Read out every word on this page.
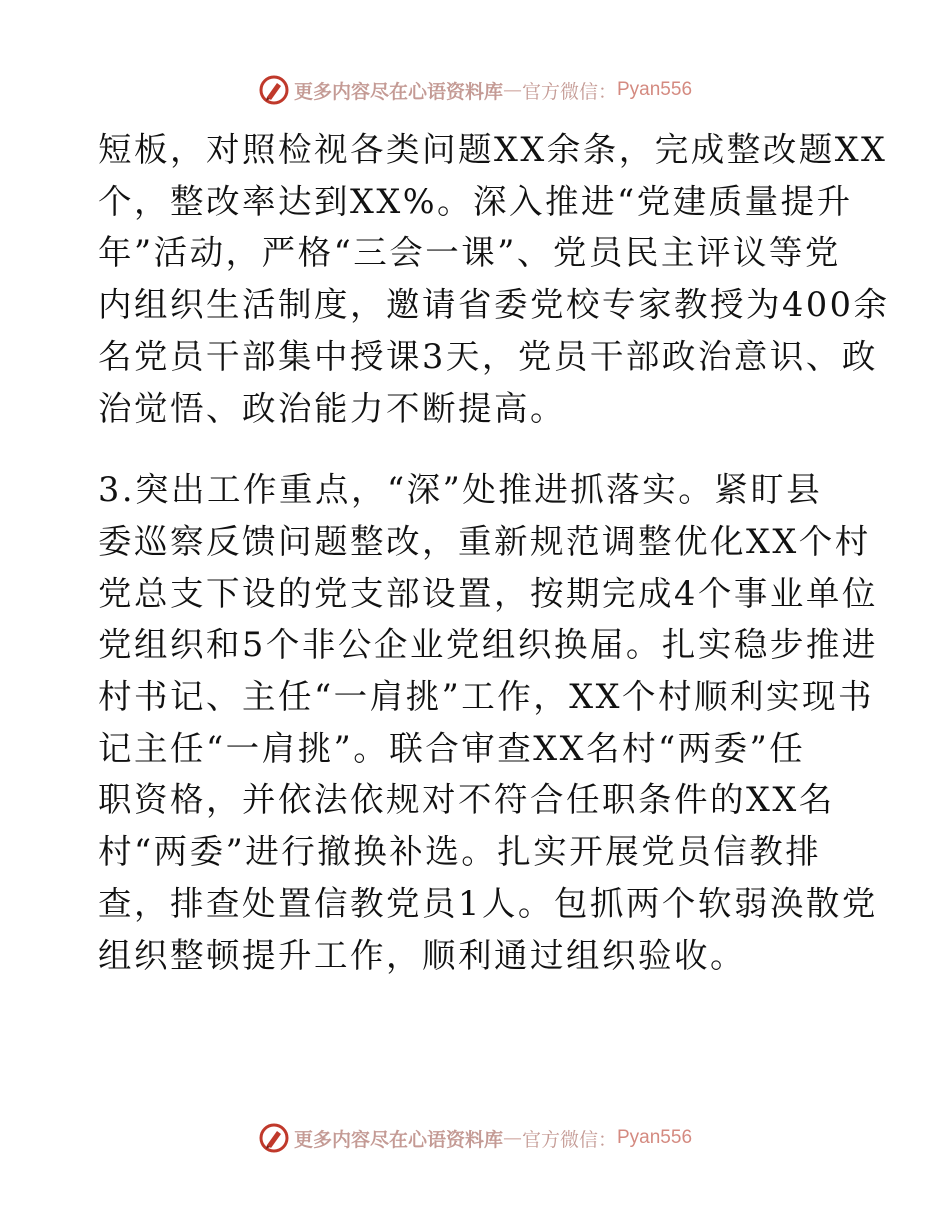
更多内容尽在心语资料库 — 官方微信： Pyan556

短板，对照检视各类问题XX余条，完成整改题XX
个，整改率达到XX%。深入推进“党建质量提升
年”活动，严格“三会一课”、党员民主评议等党
内组织生活制度，邀请省委党校专家教授为400余
名党员干部集中授课3天，党员干部政治意识、政
治觉悟、政治能力不断提高。

3.突出工作重点，“深”处推进抓落实。紧盯县
委巡察反馈问题整改，重新规范调整优化XX个村
党总支下设的党支部设置，按期完成4个事业单位
党组织和5个非公企业党组织换届。扎实稳步推进
村书记、主任“一肩挑”工作，XX个村顺利实现书
记主任“一肩挑”。联合审查XX名村“两委”任
职资格，并依法依规对不符合任职条件的XX名
村“两委”进行撤换补选。扎实开展党员信教排
查，排查处置信教党员1人。包抓两个软弱涣散党
组织整顿提升工作，顺利通过组织验收。

更多内容尽在心语资料库 — 官方微信： Pyan556
